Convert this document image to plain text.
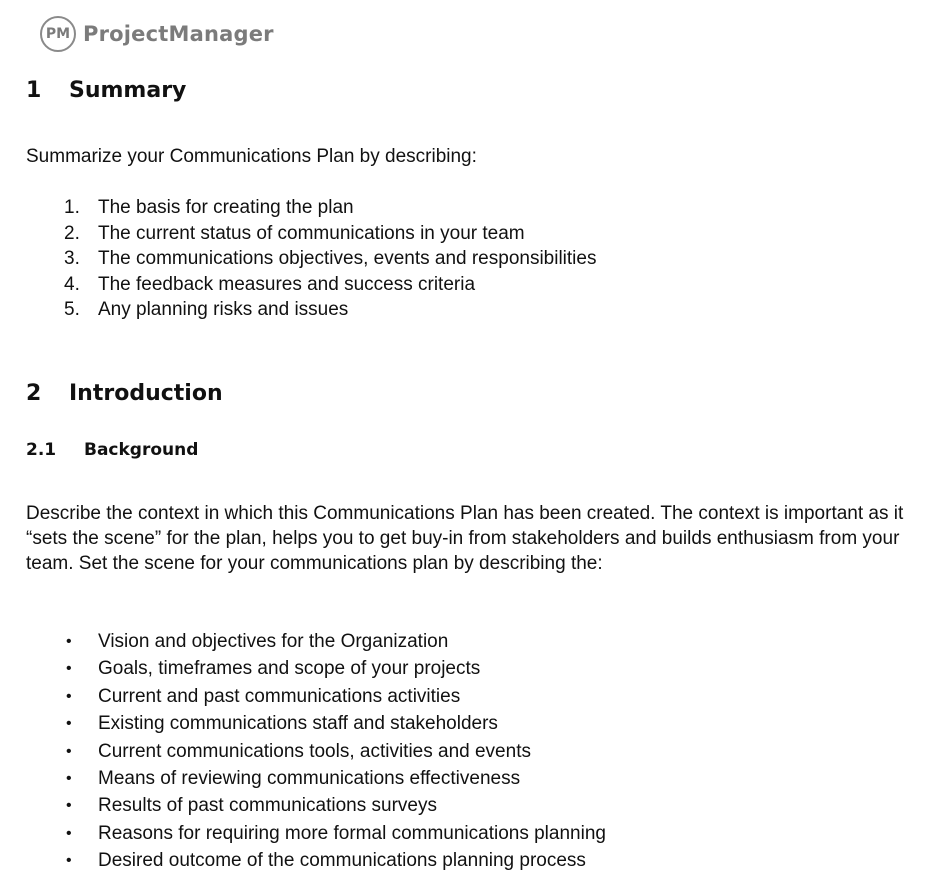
PM ProjectManager
1 Summary

Summarize your Communications Plan by describing:

1. The basis for creating the plan
2. The current status of communications in your team
3. The communications objectives, events and responsibilities
4. The feedback measures and success criteria
5. Any planning risks and issues
2 Introduction
2.1 Background

Describe the context in which this Communications Plan has been created. The context is important as it “sets the scene” for the plan, helps you to get buy-in from stakeholders and builds enthusiasm from your team. Set the scene for your communications plan by describing the:

• Vision and objectives for the Organization
• Goals, timeframes and scope of your projects
• Current and past communications activities
• Existing communications staff and stakeholders
• Current communications tools, activities and events
• Means of reviewing communications effectiveness
• Results of past communications surveys
• Reasons for requiring more formal communications planning
• Desired outcome of the communications planning process
